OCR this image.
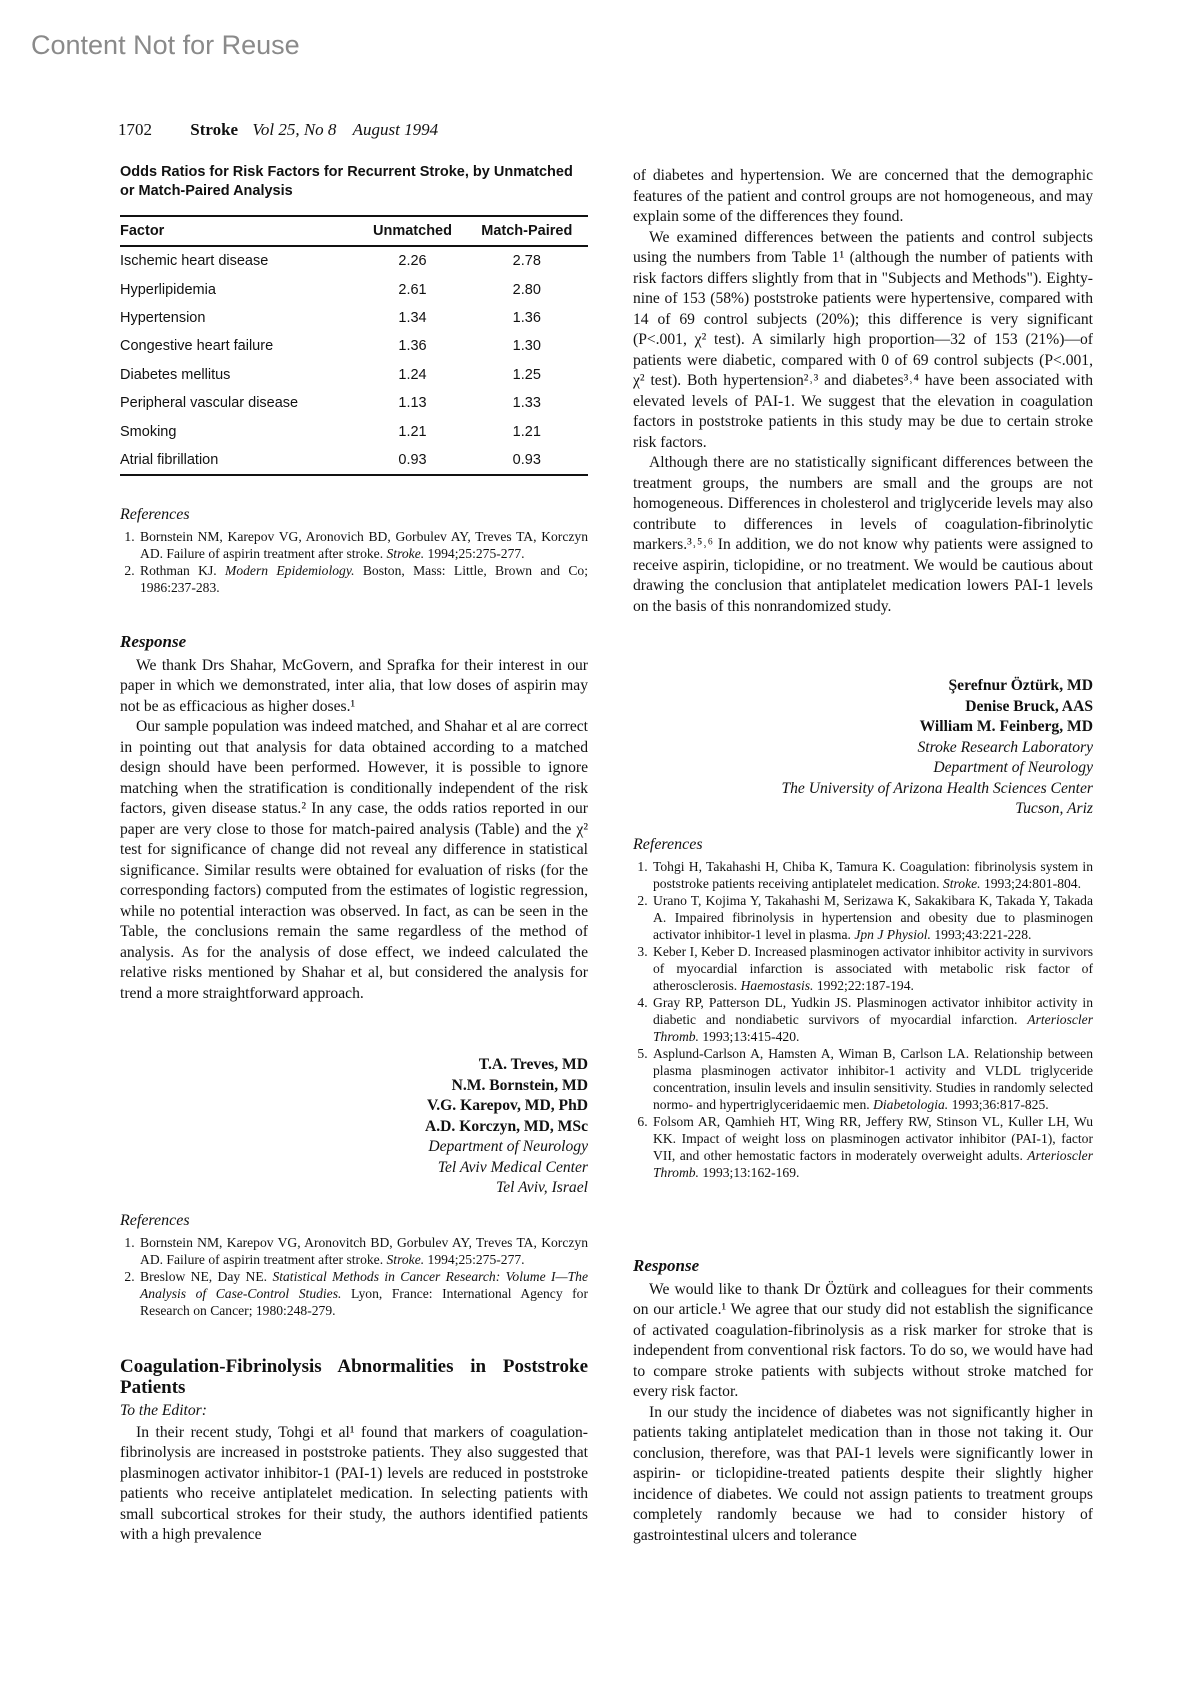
Content Not for Reuse
1702 Stroke Vol 25, No 8 August 1994
Odds Ratios for Risk Factors for Recurrent Stroke, by Unmatched or Match-Paired Analysis
Factor	Unmatched	Match-Paired
Ischemic heart disease	2.26	2.78
Hyperlipidemia	2.61	2.80
Hypertension	1.34	1.36
Congestive heart failure	1.36	1.30
Diabetes mellitus	1.24	1.25
Peripheral vascular disease	1.13	1.33
Smoking	1.21	1.21
Atrial fibrillation	0.93	0.93
References
1. Bornstein NM, Karepov VG, Aronovich BD, Gorbulev AY, Treves TA, Korczyn AD. Failure of aspirin treatment after stroke. Stroke. 1994;25:275-277.
2. Rothman KJ. Modern Epidemiology. Boston, Mass: Little, Brown and Co; 1986:237-283.
Response

We thank Drs Shahar, McGovern, and Sprafka for their interest in our paper in which we demonstrated, inter alia, that low doses of aspirin may not be as efficacious as higher doses.¹

Our sample population was indeed matched, and Shahar et al are correct in pointing out that analysis for data obtained according to a matched design should have been performed. However, it is possible to ignore matching when the stratification is conditionally independent of the risk factors, given disease status.² In any case, the odds ratios reported in our paper are very close to those for match-paired analysis (Table) and the χ² test for significance of change did not reveal any difference in statistical significance. Similar results were obtained for evaluation of risks (for the corresponding factors) computed from the estimates of logistic regression, while no potential interaction was observed. In fact, as can be seen in the Table, the conclusions remain the same regardless of the method of analysis. As for the analysis of dose effect, we indeed calculated the relative risks mentioned by Shahar et al, but considered the analysis for trend a more straightforward approach.

T.A. Treves, MD
N.M. Bornstein, MD
V.G. Karepov, MD, PhD
A.D. Korczyn, MD, MSc
Department of Neurology
Tel Aviv Medical Center
Tel Aviv, Israel
References
1. Bornstein NM, Karepov VG, Aronovitch BD, Gorbulev AY, Treves TA, Korczyn AD. Failure of aspirin treatment after stroke. Stroke. 1994;25:275-277.
2. Breslow NE, Day NE. Statistical Methods in Cancer Research: Volume I—The Analysis of Case-Control Studies. Lyon, France: International Agency for Research on Cancer; 1980:248-279.
Coagulation-Fibrinolysis Abnormalities in Poststroke Patients
To the Editor:

In their recent study, Tohgi et al¹ found that markers of coagulation-fibrinolysis are increased in poststroke patients. They also suggested that plasminogen activator inhibitor-1 (PAI-1) levels are reduced in poststroke patients who receive antiplatelet medication. In selecting patients with small subcortical strokes for their study, the authors identified patients with a high prevalence

of diabetes and hypertension. We are concerned that the demographic features of the patient and control groups are not homogeneous, and may explain some of the differences they found.

We examined differences between the patients and control subjects using the numbers from Table 1¹ (although the number of patients with risk factors differs slightly from that in "Subjects and Methods"). Eighty-nine of 153 (58%) poststroke patients were hypertensive, compared with 14 of 69 control subjects (20%); this difference is very significant (P<.001, χ² test). A similarly high proportion—32 of 153 (21%)—of patients were diabetic, compared with 0 of 69 control subjects (P<.001, χ² test). Both hypertension²˒³ and diabetes³˒⁴ have been associated with elevated levels of PAI-1. We suggest that the elevation in coagulation factors in poststroke patients in this study may be due to certain stroke risk factors.

Although there are no statistically significant differences between the treatment groups, the numbers are small and the groups are not homogeneous. Differences in cholesterol and triglyceride levels may also contribute to differences in levels of coagulation-fibrinolytic markers.³˒⁵˒⁶ In addition, we do not know why patients were assigned to receive aspirin, ticlopidine, or no treatment. We would be cautious about drawing the conclusion that antiplatelet medication lowers PAI-1 levels on the basis of this nonrandomized study.

Şerefnur Öztürk, MD
Denise Bruck, AAS
William M. Feinberg, MD
Stroke Research Laboratory
Department of Neurology
The University of Arizona Health Sciences Center
Tucson, Ariz
References
1. Tohgi H, Takahashi H, Chiba K, Tamura K. Coagulation: fibrinolysis system in poststroke patients receiving antiplatelet medication. Stroke. 1993;24:801-804.
2. Urano T, Kojima Y, Takahashi M, Serizawa K, Sakakibara K, Takada Y, Takada A. Impaired fibrinolysis in hypertension and obesity due to plasminogen activator inhibitor-1 level in plasma. Jpn J Physiol. 1993;43:221-228.
3. Keber I, Keber D. Increased plasminogen activator inhibitor activity in survivors of myocardial infarction is associated with metabolic risk factor of atherosclerosis. Haemostasis. 1992;22:187-194.
4. Gray RP, Patterson DL, Yudkin JS. Plasminogen activator inhibitor activity in diabetic and nondiabetic survivors of myocardial infarction. Arterioscler Thromb. 1993;13:415-420.
5. Asplund-Carlson A, Hamsten A, Wiman B, Carlson LA. Relationship between plasma plasminogen activator inhibitor-1 activity and VLDL triglyceride concentration, insulin levels and insulin sensitivity. Studies in randomly selected normo- and hypertriglyceridaemic men. Diabetologia. 1993;36:817-825.
6. Folsom AR, Qamhieh HT, Wing RR, Jeffery RW, Stinson VL, Kuller LH, Wu KK. Impact of weight loss on plasminogen activator inhibitor (PAI-1), factor VII, and other hemostatic factors in moderately overweight adults. Arterioscler Thromb. 1993;13:162-169.
Response

We would like to thank Dr Öztürk and colleagues for their comments on our article.¹ We agree that our study did not establish the significance of activated coagulation-fibrinolysis as a risk marker for stroke that is independent from conventional risk factors. To do so, we would have had to compare stroke patients with subjects without stroke matched for every risk factor.

In our study the incidence of diabetes was not significantly higher in patients taking antiplatelet medication than in those not taking it. Our conclusion, therefore, was that PAI-1 levels were significantly lower in aspirin- or ticlopidine-treated patients despite their slightly higher incidence of diabetes. We could not assign patients to treatment groups completely randomly because we had to consider history of gastrointestinal ulcers and tolerance
